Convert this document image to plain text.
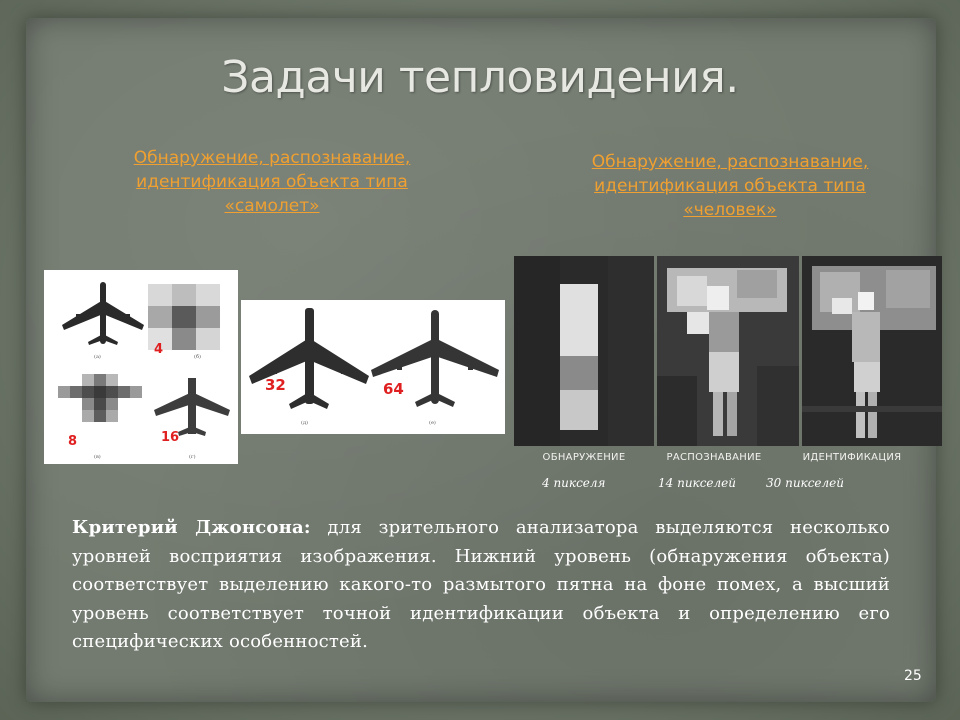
Задачи тепловидения.
Обнаружение, распознавание,
идентификация объекта типа
«самолет»
Обнаружение, распознавание,
идентификация объекта типа
«человек»
(а)	(б)
(в)	(г)
4
8	16
(д)	(е)
32	64
ОБНАРУЖЕНИЕ	РАСПОЗНАВАНИЕ	ИДЕНТИФИКАЦИЯ
4 пикселя	14 пикселей	30 пикселей
Критерий Джонсона: для зрительного анализатора выделяются несколько уровней восприятия изображения. Нижний уровень (обнаружения объекта) соответствует выделению какого-то размытого пятна на фоне помех, а высший уровень соответствует точной идентификации объекта и определению его специфических особенностей.
25
